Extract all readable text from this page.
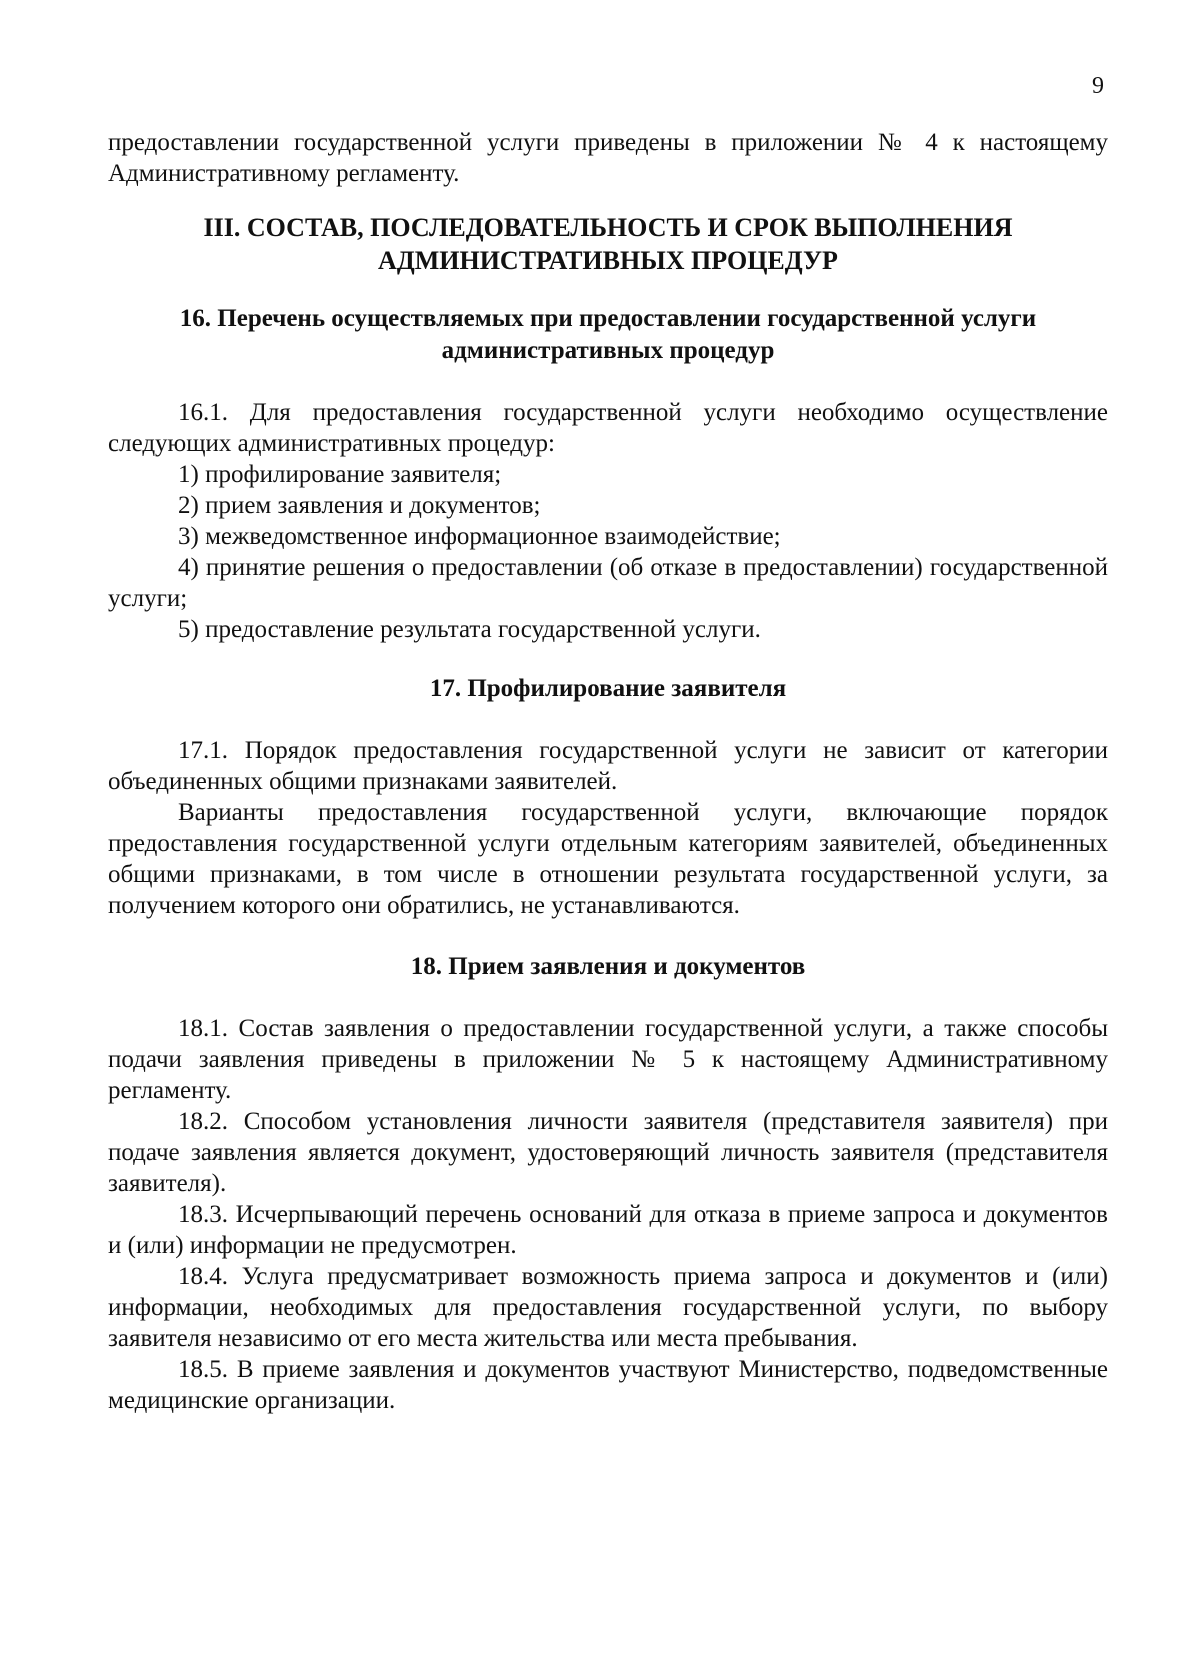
9

предоставлении государственной услуги приведены в приложении № 4 к настоящему Административному регламенту.

III. СОСТАВ, ПОСЛЕДОВАТЕЛЬНОСТЬ И СРОК ВЫПОЛНЕНИЯ
АДМИНИСТРАТИВНЫХ ПРОЦЕДУР
16. Перечень осуществляемых при предоставлении государственной услуги
административных процедур

16.1. Для предоставления государственной услуги необходимо осуществление следующих административных процедур:

1) профилирование заявителя;

2) прием заявления и документов;

3) межведомственное информационное взаимодействие;

4) принятие решения о предоставлении (об отказе в предоставлении) государственной услуги;

5) предоставление результата государственной услуги.

17. Профилирование заявителя

17.1. Порядок предоставления государственной услуги не зависит от категории объединенных общими признаками заявителей.

Варианты предоставления государственной услуги, включающие порядок предоставления государственной услуги отдельным категориям заявителей, объединенных общими признаками, в том числе в отношении результата государственной услуги, за получением которого они обратились, не устанавливаются.

18. Прием заявления и документов

18.1. Состав заявления о предоставлении государственной услуги, а также способы подачи заявления приведены в приложении № 5 к настоящему Административному регламенту.

18.2. Способом установления личности заявителя (представителя заявителя) при подаче заявления является документ, удостоверяющий личность заявителя (представителя заявителя).

18.3. Исчерпывающий перечень оснований для отказа в приеме запроса и документов и (или) информации не предусмотрен.

18.4. Услуга предусматривает возможность приема запроса и документов и (или) информации, необходимых для предоставления государственной услуги, по выбору заявителя независимо от его места жительства или места пребывания.

18.5. В приеме заявления и документов участвуют Министерство, подведомственные медицинские организации.
